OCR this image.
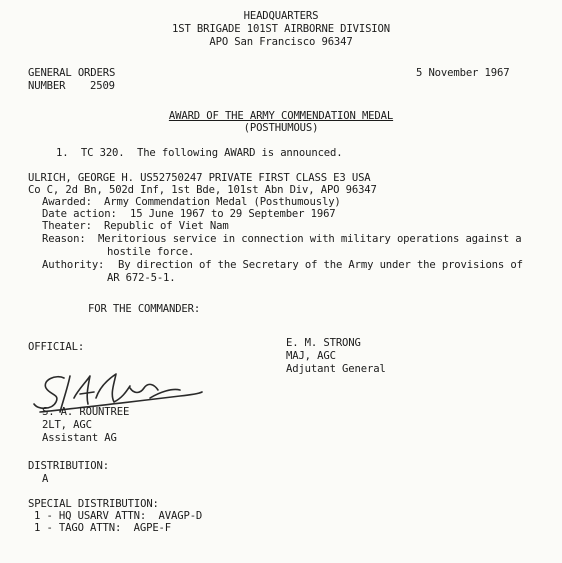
HEADQUARTERS
1ST BRIGADE 101ST AIRBORNE DIVISION
APO San Francisco 96347
GENERAL ORDERS
NUMBER 2509
5 November 1967
AWARD OF THE ARMY COMMENDATION MEDAL
(POSTHUMOUS)
1.  TC 320.  The following AWARD is announced.
ULRICH, GEORGE H. US52750247 PRIVATE FIRST CLASS E3 USA
Co C, 2d Bn, 502d Inf, 1st Bde, 101st Abn Div, APO 96347
Awarded: Army Commendation Medal (Posthumously)
Date action: 15 June 1967 to 29 September 1967
Theater: Republic of Viet Nam
Reason: Meritorious service in connection with military operations against a
hostile force.
Authority: By direction of the Secretary of the Army under the provisions of
AR 672-5-1.
FOR THE COMMANDER:
OFFICIAL:	E. M. STRONG
MAJ, AGC
Adjutant General
S. A. ROUNTREE
2LT, AGC
Assistant AG
DISTRIBUTION:
A
SPECIAL DISTRIBUTION:
1 - HQ USARV ATTN:  AVAGP-D
1 - TAGO ATTN:  AGPE-F
